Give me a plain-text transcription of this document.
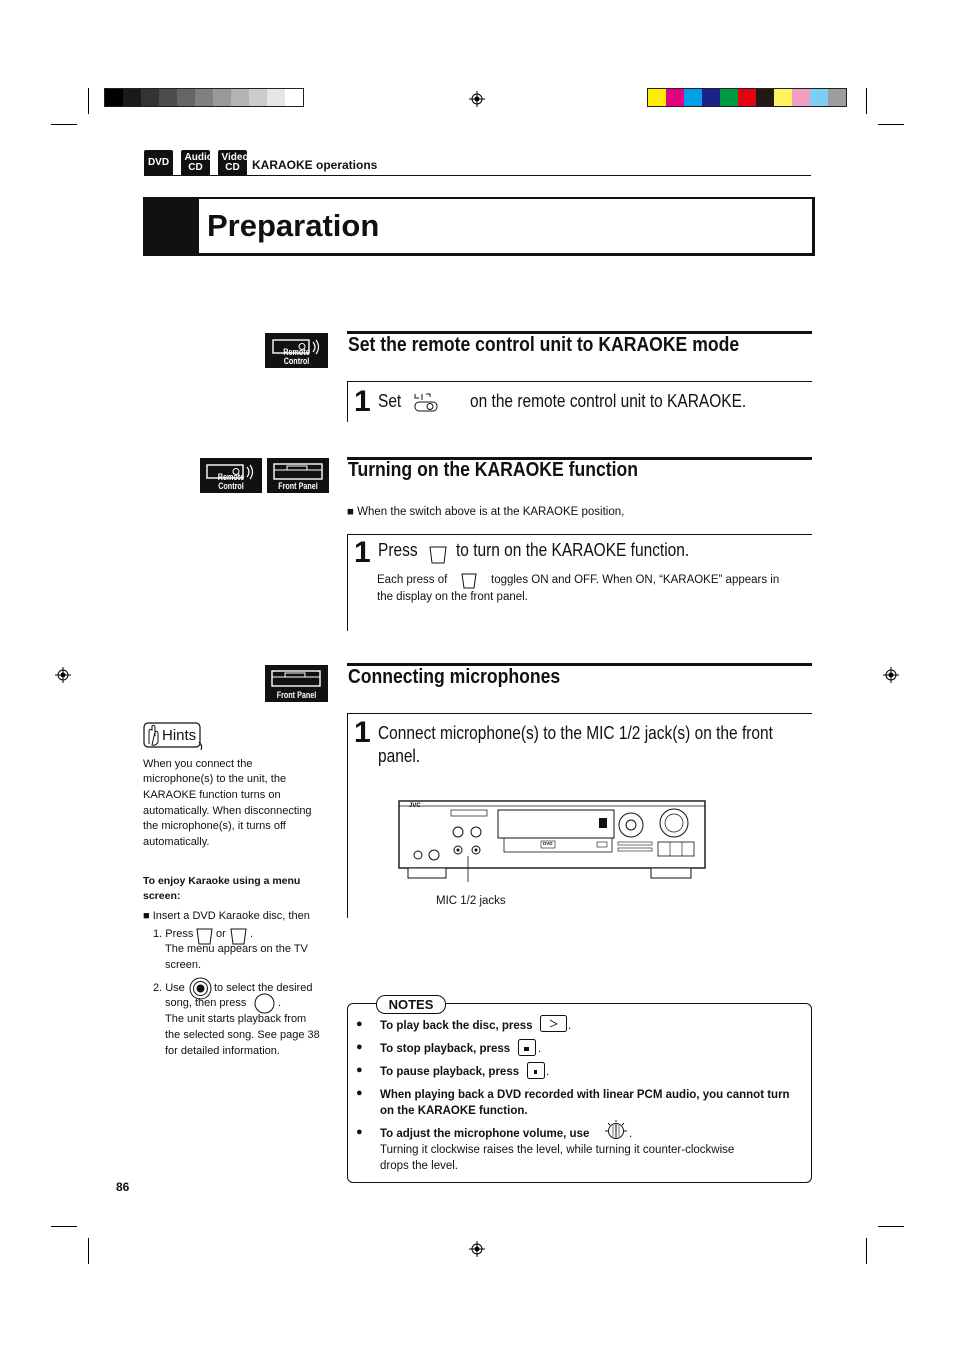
DVD	Audio CD
Video CD	KARAOKE operations
Preparation
Remote Control
Set the remote control unit to KARAOKE mode
1 Set	on the remote control unit to KARAOKE.
Remote Control	Front Panel
Turning on the KARAOKE function
■ When the switch above is at the KARAOKE position,
1 Press to turn on the KARAOKE function.
Each press of	toggles ON and OFF. When ON, “KARAOKE” appears in
the display on the front panel.
Front Panel
Connecting microphones
1 Connect microphone(s) to the MIC 1/2 jack(s) on the front
panel.
JVC
DVD
MIC 1/2 jacks
Hints
When you connect the
microphone(s) to the unit, the
KARAOKE function turns on
automatically. When disconnecting
the microphone(s), it turns off
automatically.
To enjoy Karaoke using a menu
screen:
■ Insert a DVD Karaoke disc, then
1. Press or .
The menu appears on the TV
screen.
2. Use	to select the desired
song, then press	.
The unit starts playback from
the selected song. See page 38
for detailed information.
NOTES
● To play back the disc, press	.
● To stop playback, press .
● To pause playback, press .
● When playing back a DVD recorded with linear PCM audio, you cannot turn
on the KARAOKE function.
● To adjust the microphone volume, use	.
Turning it clockwise raises the level, while turning it counter-clockwise
drops the level.
86
